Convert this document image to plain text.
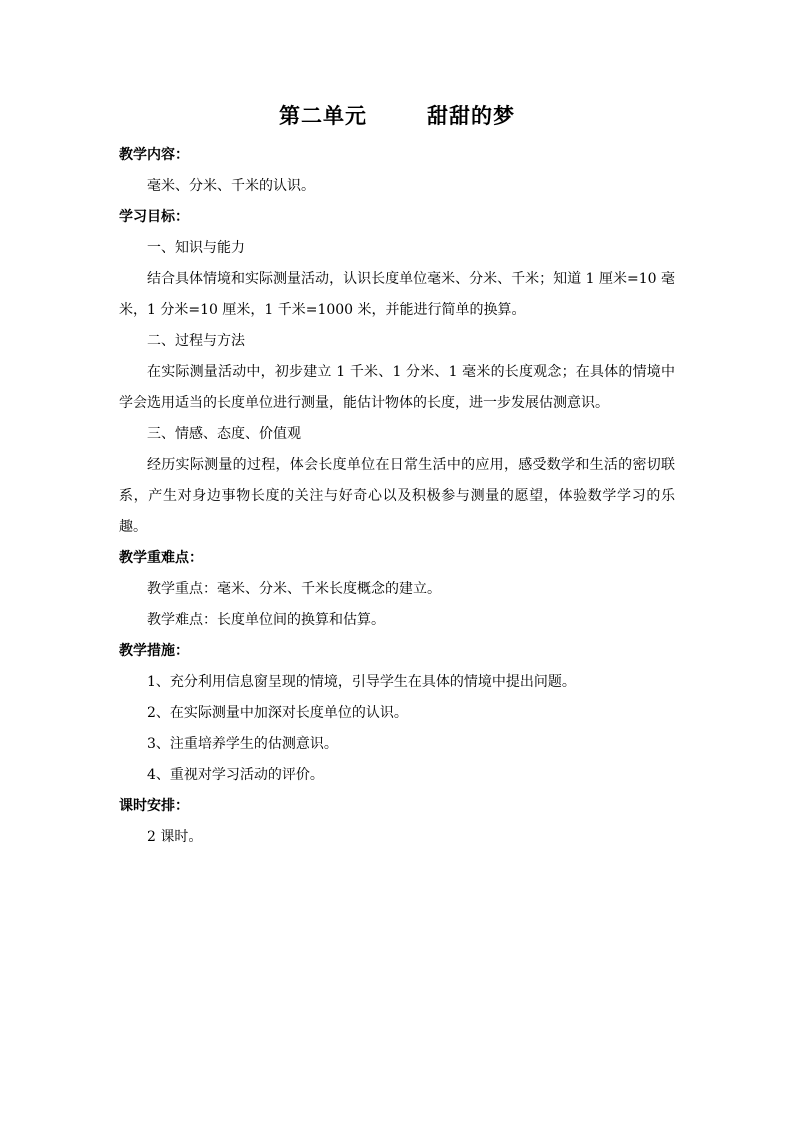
第二单元	甜甜的梦

教学内容：

毫米、分米、千米的认识。

学习目标：

一、知识与能力

结合具体情境和实际测量活动，认识长度单位毫米、分米、千米；知道 1 厘米=10 毫米，1 分米=10 厘米，1 千米=1000 米，并能进行简单的换算。

二、过程与方法

在实际测量活动中，初步建立 1 千米、1 分米、1 毫米的长度观念；在具体的情境中学会选用适当的长度单位进行测量，能估计物体的长度，进一步发展估测意识。

三、情感、态度、价值观

经历实际测量的过程，体会长度单位在日常生活中的应用，感受数学和生活的密切联系，产生对身边事物长度的关注与好奇心以及积极参与测量的愿望，体验数学学习的乐趣。

教学重难点：

教学重点：毫米、分米、千米长度概念的建立。

教学难点：长度单位间的换算和估算。

教学措施：

1、充分利用信息窗呈现的情境，引导学生在具体的情境中提出问题。

2、在实际测量中加深对长度单位的认识。

3、注重培养学生的估测意识。

4、重视对学习活动的评价。

课时安排：

2 课时。
